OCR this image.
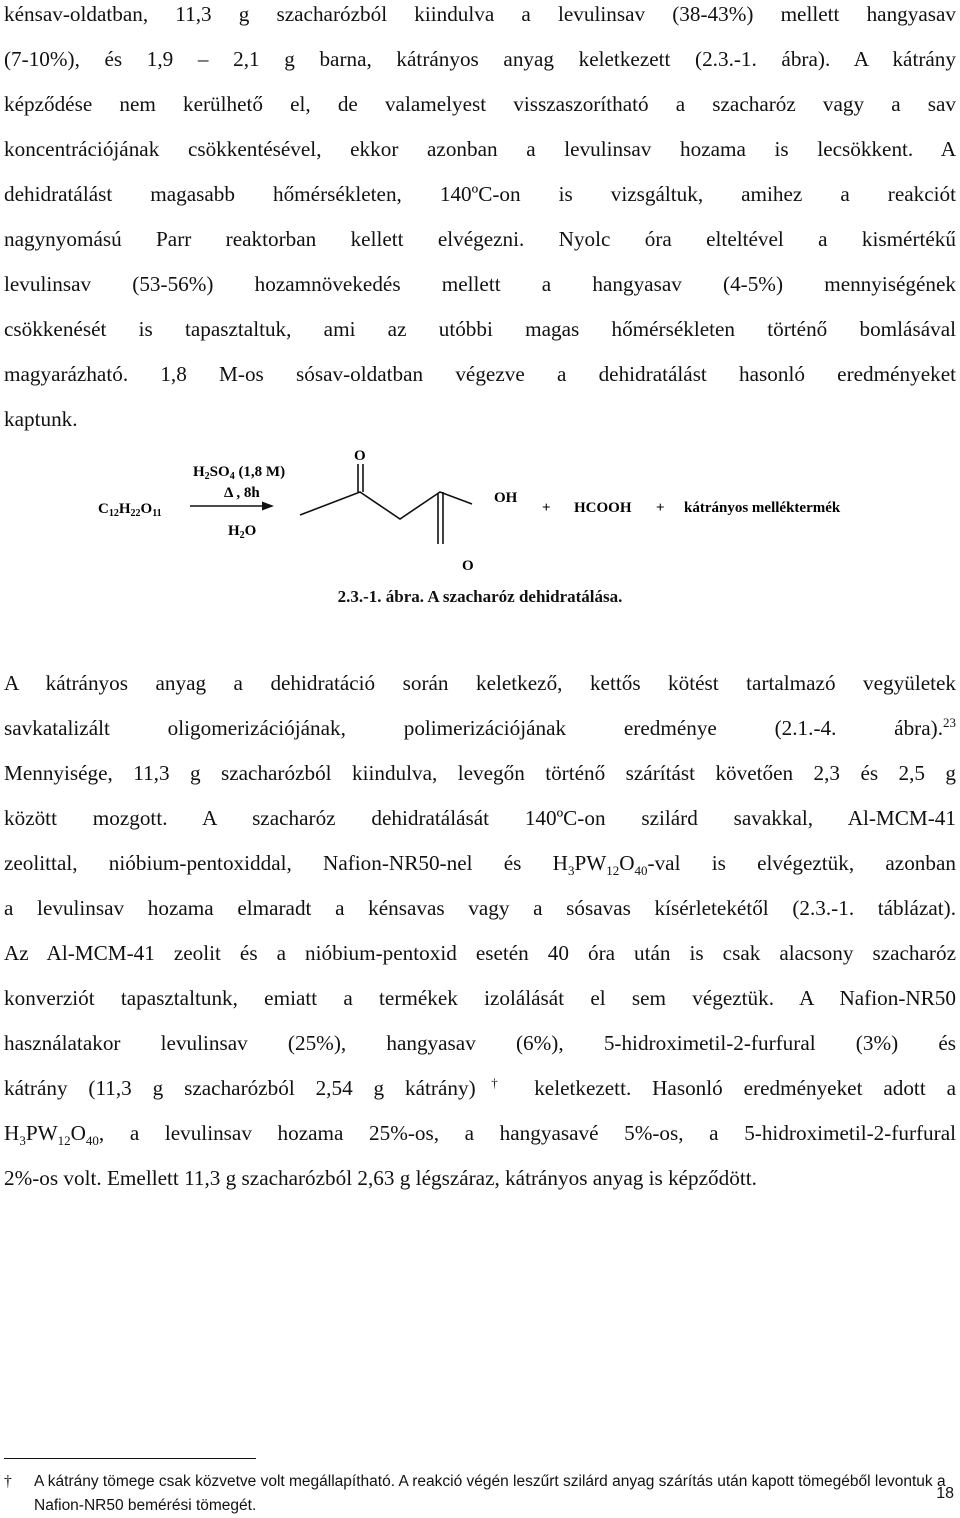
kénsav-oldatban, 11,3 g szacharózból kiindulva a levulinsav (38-43%) mellett hangyasav
(7-10%), és 1,9 – 2,1 g barna, kátrányos anyag keletkezett (2.3.-1. ábra). A kátrány
képződése nem kerülhető el, de valamelyest visszaszorítható a szacharóz vagy a sav
koncentrációjának csökkentésével, ekkor azonban a levulinsav hozama is lecsökkent. A
dehidratálást magasabb hőmérsékleten, 140ºC-on is vizsgáltuk, amihez a reakciót
nagynyomású Parr reaktorban kellett elvégezni. Nyolc óra elteltével a kismértékű
levulinsav (53-56%) hozamnövekedés mellett a hangyasav (4-5%) mennyiségének
csökkenését is tapasztaltuk, ami az utóbbi magas hőmérsékleten történő bomlásával
magyarázható. 1,8 M-os sósav-oldatban végezve a dehidratálást hasonló eredményeket
kaptunk.
$C_{12}H_{22}O_{11}$
$H_2SO_4$ (1,8 M)
Δ , 8h
$H_2O$
O
OH
O
+ HCOOH + kátrányos melléktermék
2.3.-1. ábra. A szacharóz dehidratálása.
A kátrányos anyag a dehidratáció során keletkező, kettős kötést tartalmazó vegyületek
savkatalizált oligomerizációjának, polimerizációjának eredménye (2.1.-4. ábra).$^{23}$
Mennyisége, 11,3 g szacharózból kiindulva, levegőn történő szárítást követően 2,3 és 2,5 g
között mozgott. A szacharóz dehidratálását 140ºC-on szilárd savakkal, Al-MCM-41
zeolittal, nióbium-pentoxiddal, Nafion-NR50-nel és $H_3PW_{12}O_{40}$-val is elvégeztük, azonban
a levulinsav hozama elmaradt a kénsavas vagy a sósavas kísérletekétől (2.3.-1. táblázat).
Az Al-MCM-41 zeolit és a nióbium-pentoxid esetén 40 óra után is csak alacsony szacharóz
konverziót tapasztaltunk, emiatt a termékek izolálását el sem végeztük. A Nafion-NR50
használatakor levulinsav (25%), hangyasav (6%), 5-hidroximetil-2-furfural (3%) és
kátrány (11,3 g szacharózból 2,54 g kátrány)† keletkezett. Hasonló eredményeket adott a
$H_3PW_{12}O_{40}$, a levulinsav hozama 25%-os, a hangyasavé 5%-os, a 5-hidroximetil-2-furfural
2%-os volt. Emellett 11,3 g szacharózból 2,63 g légszáraz, kátrányos anyag is képződött.
† A kátrány tömege csak közvetve volt megállapítható. A reakció végén leszűrt szilárd anyag szárítás után kapott tömegéből levontuk a Nafion-NR50 bemérési tömegét.
18
